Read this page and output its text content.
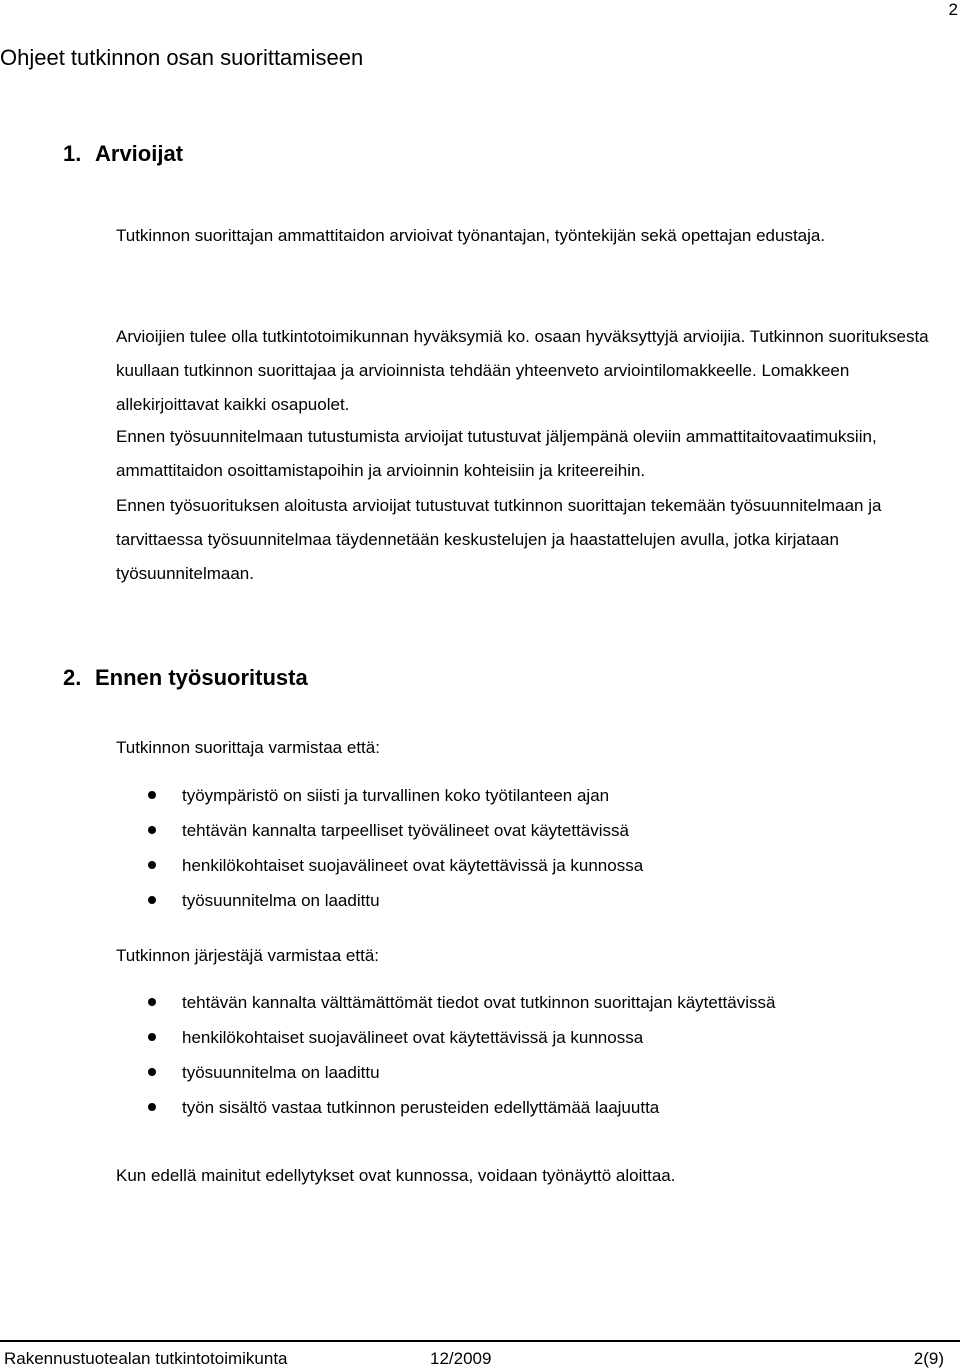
2
Ohjeet tutkinnon osan suorittamiseen
1. Arvioijat

Tutkinnon suorittajan ammattitaidon arvioivat työnantajan, työntekijän sekä opettajan edustaja.

Arvioijien tulee olla tutkintotoimikunnan hyväksymiä ko. osaan hyväksyttyjä arvioijia. Tutkinnon suorituksesta kuullaan tutkinnon suorittajaa ja arvioinnista tehdään yhteenveto arviointilomakkeelle. Lomakkeen allekirjoittavat kaikki osapuolet.

Ennen työsuunnitelmaan tutustumista arvioijat tutustuvat jäljempänä oleviin ammattitaitovaatimuksiin, ammattitaidon osoittamistapoihin ja arvioinnin kohteisiin ja kriteereihin.

Ennen työsuorituksen aloitusta arvioijat tutustuvat tutkinnon suorittajan tekemään työsuunnitelmaan ja tarvittaessa työsuunnitelmaa täydennetään keskustelujen ja haastattelujen avulla, jotka kirjataan työsuunnitelmaan.

2. Ennen työsuoritusta

Tutkinnon suorittaja varmistaa että:

työympäristö on siisti ja turvallinen koko työtilanteen ajan
tehtävän kannalta tarpeelliset työvälineet ovat käytettävissä
henkilökohtaiset suojavälineet ovat käytettävissä ja kunnossa
työsuunnitelma on laadittu

Tutkinnon järjestäjä varmistaa että:

tehtävän kannalta välttämättömät tiedot ovat tutkinnon suorittajan käytettävissä
henkilökohtaiset suojavälineet ovat käytettävissä ja kunnossa
työsuunnitelma on laadittu
työn sisältö vastaa tutkinnon perusteiden edellyttämää laajuutta

Kun edellä mainitut edellytykset ovat kunnossa, voidaan työnäyttö aloittaa.

Rakennustuotealan tutkintotoimikunta	12/2009	2(9)
